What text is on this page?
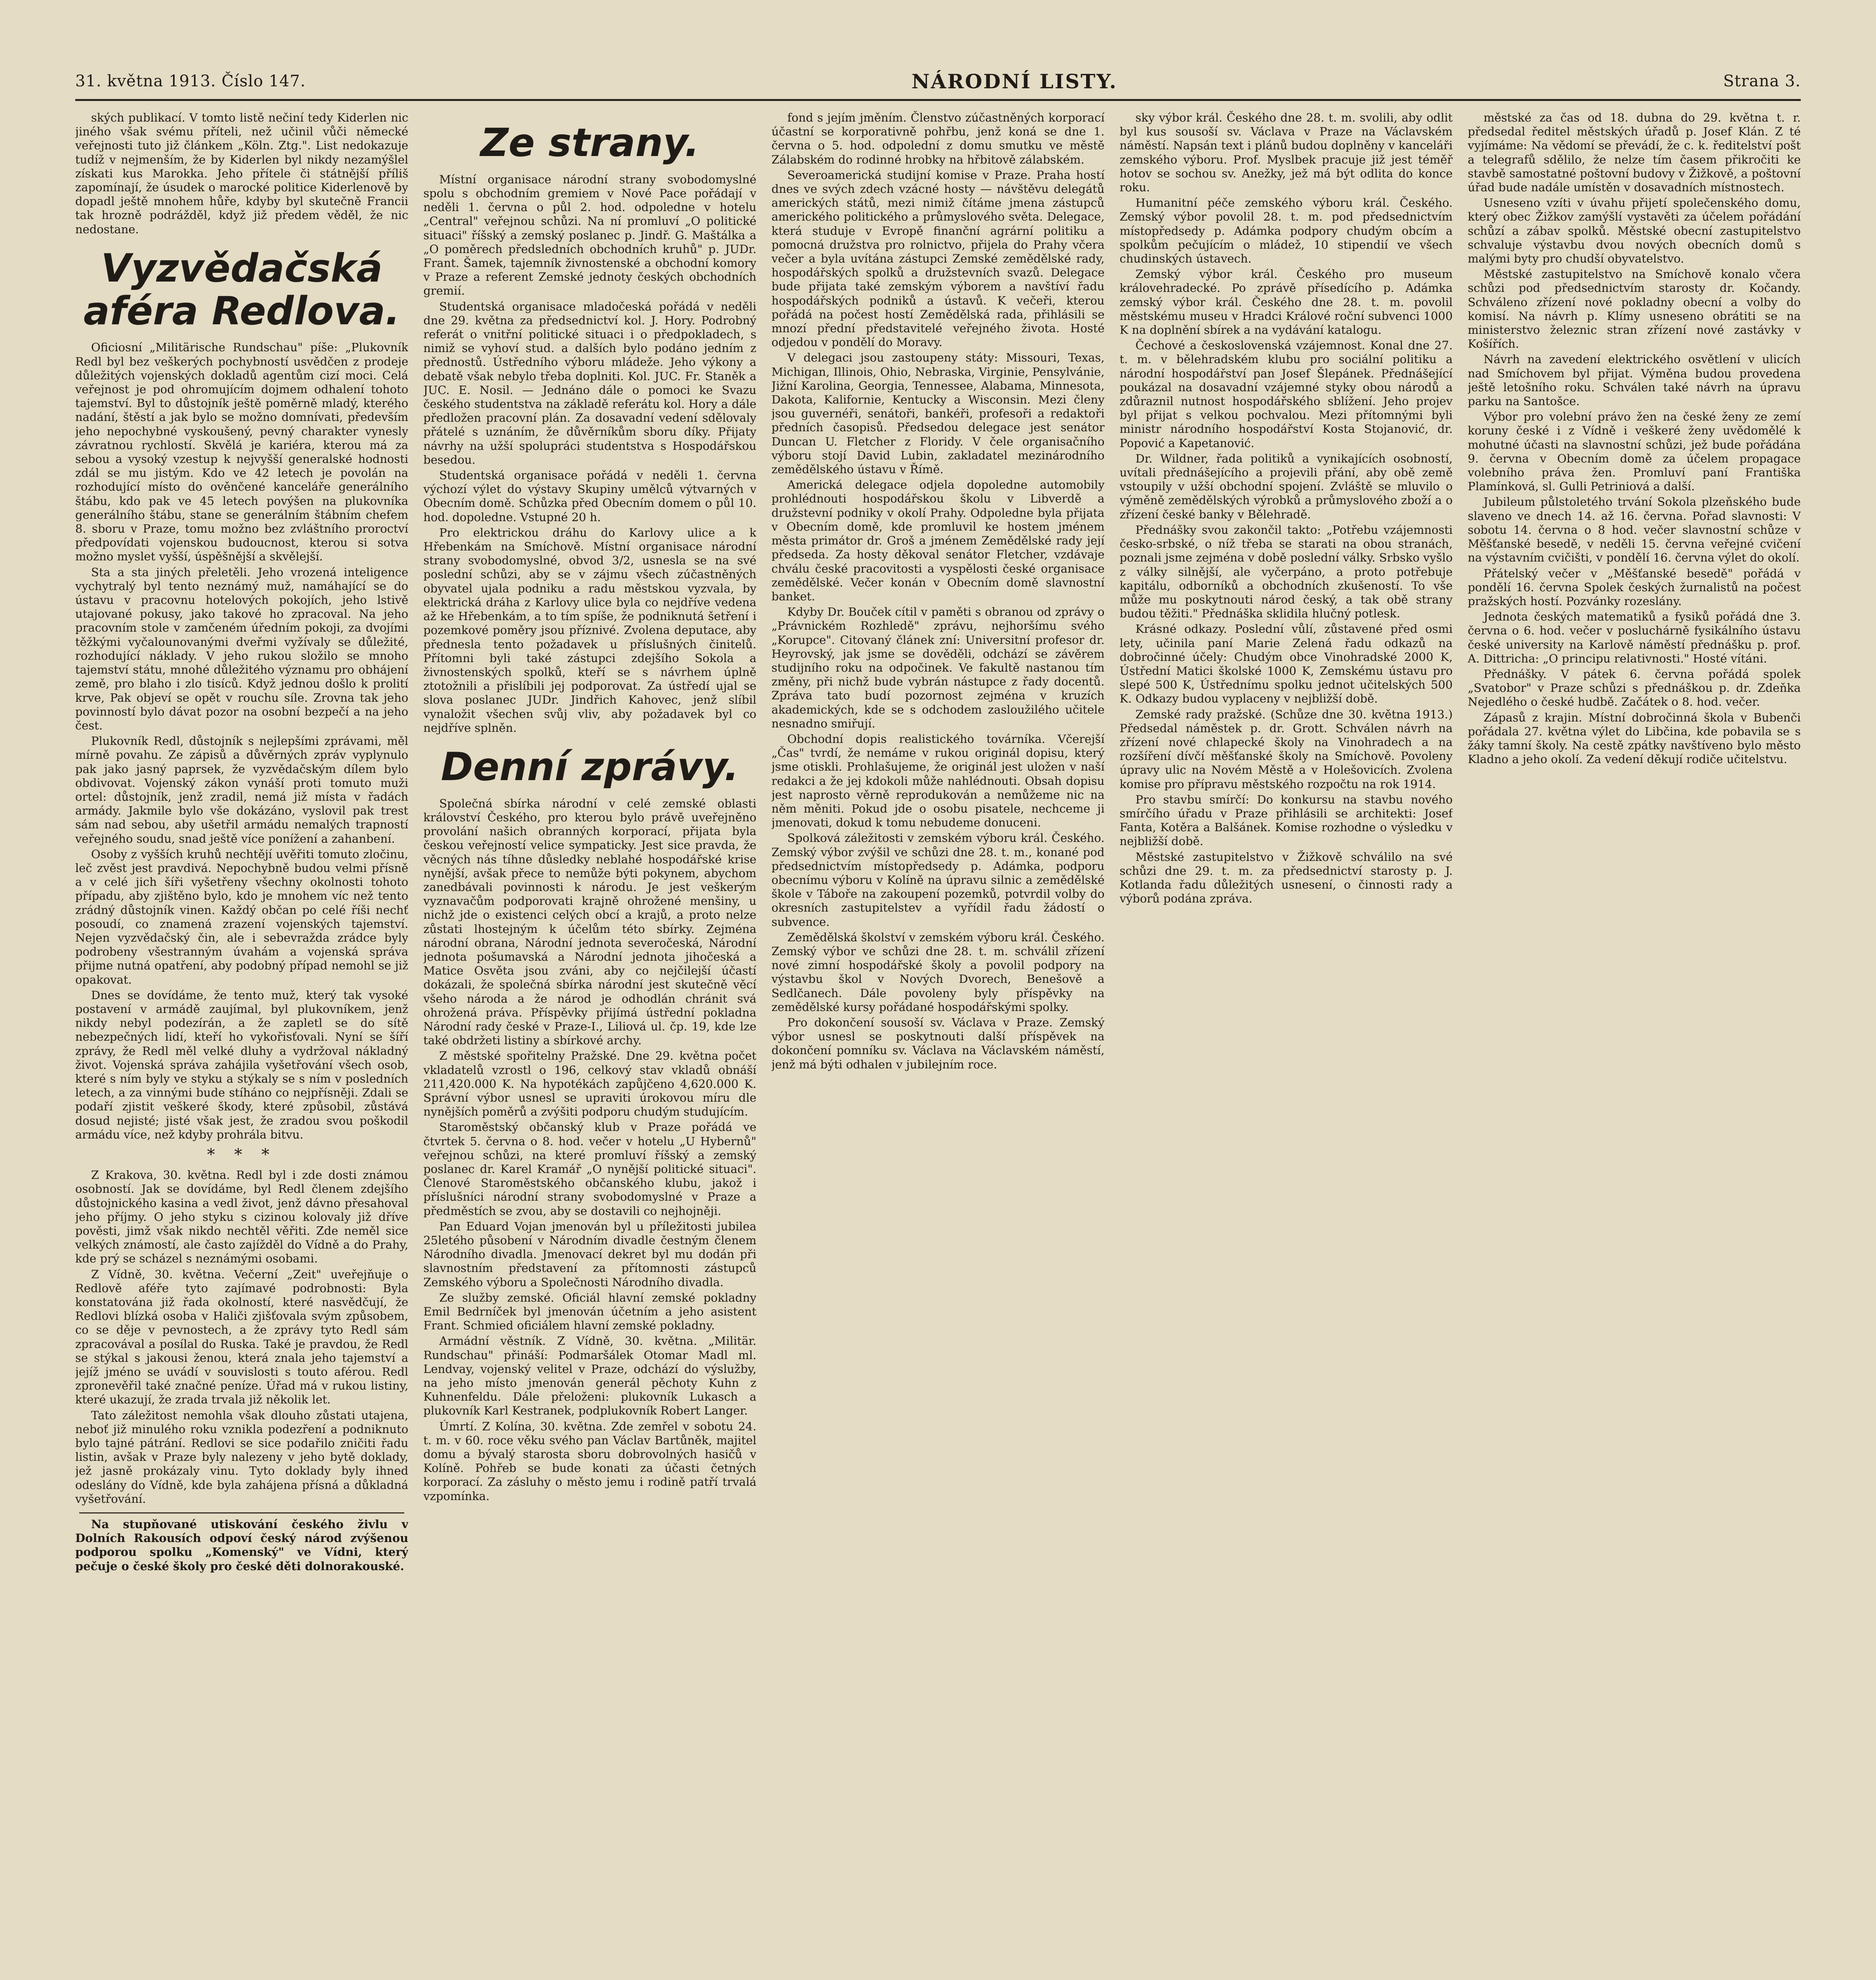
31. května 1913. Číslo 147.	NÁRODNÍ LISTY.	Strana 3.

ských publikací. V tomto listě nečiní tedy Kiderlen nic jiného však svému příteli, než učinil vůči německé veřejnosti tuto již článkem „Köln. Ztg.". List nedokazuje tudíž v nejmenším, že by Kiderlen byl nikdy nezamýšlel získati kus Marokka. Jeho přítele či státnější příliš zapomínají, že úsudek o marocké politice Kiderlenově by dopadl ještě mnohem hůře, kdyby byl skutečně Francii tak hrozně podrážděl, když již předem věděl, že nic nedostane.

Vyzvědačská aféra Redlova.

Oficiosní „Militärische Rundschau" píše: „Plukovník Redl byl bez veškerých pochybností usvědčen z prodeje důležitých vojenských dokladů agentům cizí moci. Celá veřejnost je pod ohromujícím dojmem odhalení tohoto tajemství. Byl to důstojník ještě poměrně mladý, kterého nadání, štěstí a jak bylo se možno domnívati, především jeho nepochybné vyskoušený, pevný charakter vynesly závratnou rychlostí. Skvělá je kariéra, kterou má za sebou a vysoký vzestup k nejvyšší generalské hodnosti zdál se mu jistým. Kdo ve 42 letech je povolán na rozhodující místo do ověnčené kanceláře generálního štábu, kdo pak ve 45 letech povýšen na plukovníka generálního štábu, stane se generálním štábním chefem 8. sboru v Praze, tomu možno bez zvláštního proroctví předpovídati vojenskou budoucnost, kterou si sotva možno myslet vyšší, úspěšnější a skvělejší.

Sta a sta jiných přeletěli. Jeho vrozená inteligence vychytralý byl tento neznámý muž, namáhající se do ústavu v pracovnu hotelových pokojích, jeho lstivě utajované pokusy, jako takové ho zpracoval. Na jeho pracovním stole v zamčeném úředním pokoji, za dvojími těžkými vyčalounovanými dveřmi vyžívaly se důležité, rozhodující náklady. V jeho rukou složilo se mnoho tajemství státu, mnohé důležitého významu pro obhájení země, pro blaho i zlo tisíců. Když jednou došlo k prolití krve, Pak objeví se opět v rouchu síle. Zrovna tak jeho povinností bylo dávat pozor na osobní bezpečí a na jeho čest.

Plukovník Redl, důstojník s nejlepšími zprávami, měl mírně povahu. Ze zápisů a důvěrných zpráv vyplynulo pak jako jasný paprsek, že vyzvědačským dílem bylo obdivovat. Vojenský zákon vynáší proti tomuto muži ortel: důstojník, jenž zradil, nemá již místa v řadách armády. Jakmile bylo vše dokázáno, vyslovil pak trest sám nad sebou, aby ušetřil armádu nemalých trapností veřejného soudu, snad ještě více ponížení a zahanbení.

Osoby z vyšších kruhů nechtějí uvěřiti tomuto zločinu, leč zvěst jest pravdivá. Nepochybně budou velmi přísně a v celé jich šíři vyšetřeny všechny okolnosti tohoto případu, aby zjištěno bylo, kdo je mnohem víc než tento zrádný důstojník vinen. Každý občan po celé říši nechť posoudí, co znamená zrazení vojenských tajemství. Nejen vyzvědačský čin, ale i sebevražda zrádce byly podrobeny všestranným úvahám a vojenská správa přijme nutná opatření, aby podobný případ nemohl se již opakovat.

Dnes se dovídáme, že tento muž, který tak vysoké postavení v armádě zaujímal, byl plukovníkem, jenž nikdy nebyl podezírán, a že zapletl se do sítě nebezpečných lidí, kteří ho vykořisťovali. Nyní se šíří zprávy, že Redl měl velké dluhy a vydržoval nákladný život. Vojenská správa zahájila vyšetřování všech osob, které s ním byly ve styku a stýkaly se s ním v posledních letech, a za vinnými bude stíháno co nejpřísněji. Zdali se podaří zjistit veškeré škody, které způsobil, zůstává dosud nejisté; jisté však jest, že zradou svou poškodil armádu více, než kdyby prohrála bitvu.

* * *

Z Krakova, 30. května. Redl byl i zde dosti známou osobností. Jak se dovídáme, byl Redl členem zdejšího důstojnického kasina a vedl život, jenž dávno přesahoval jeho příjmy. O jeho styku s cizinou kolovaly již dříve pověsti, jimž však nikdo nechtěl věřiti. Zde neměl sice velkých známostí, ale často zajížděl do Vídně a do Prahy, kde prý se scházel s neznámými osobami.

Z Vídně, 30. května. Večerní „Zeit" uveřejňuje o Redlově aféře tyto zajímavé podrobnosti: Byla konstatována již řada okolností, které nasvědčují, že Redlovi blízká osoba v Haliči zjišťovala svým způsobem, co se děje v pevnostech, a že zprávy tyto Redl sám zpracovával a posílal do Ruska. Také je pravdou, že Redl se stýkal s jakousi ženou, která znala jeho tajemství a jejíž jméno se uvádí v souvislosti s touto aférou. Redl zpronevěřil také značné peníze. Úřad má v rukou listiny, které ukazují, že zrada trvala již několik let.

Tato záležitost nemohla však dlouho zůstati utajena, neboť již minulého roku vznikla podezření a podniknuto bylo tajné pátrání. Redlovi se sice podařilo zničiti řadu listin, avšak v Praze byly nalezeny v jeho bytě doklady, jež jasně prokázaly vinu. Tyto doklady byly ihned odeslány do Vídně, kde byla zahájena přísná a důkladná vyšetřování.

Na stupňované utiskování českého živlu v Dolních Rakousích odpoví český národ zvýšenou podporou spolku „Komenský" ve Vídni, který pečuje o české školy pro české děti dolnorakouské.

Ze strany.

Místní organisace národní strany svobodomyslné spolu s obchodním gremiem v Nové Pace pořádají v neděli 1. června o půl 2. hod. odpoledne v hotelu „Central" veřejnou schůzi. Na ní promluví „O politické situaci" říšský a zemský poslanec p. Jindř. G. Maštálka a „O poměrech předsledních obchodních kruhů" p. JUDr. Frant. Šamek, tajemník živnostenské a obchodní komory v Praze a referent Zemské jednoty českých obchodních gremií.

Studentská organisace mladočeská pořádá v neděli dne 29. května za předsednictví kol. J. Hory. Podrobný referát o vnitřní politické situaci i o předpokladech, s nimiž se vyhoví stud. a dalších bylo podáno jedním z přednostů. Ústředního výboru mládeže. Jeho výkony a debatě však nebylo třeba doplniti. Kol. JUC. Fr. Staněk a JUC. E. Nosil. — Jednáno dále o pomoci ke Svazu českého studentstva na základě referátu kol. Hory a dále předložen pracovní plán. Za dosavadní vedení sdělovaly přátelé s uznáním, že důvěrníkům sboru díky. Přijaty návrhy na užší spolupráci studentstva s Hospodářskou besedou.

Studentská organisace pořádá v neděli 1. června výchozí výlet do výstavy Skupiny umělců výtvarných v Obecním domě. Schůzka před Obecním domem o půl 10. hod. dopoledne. Vstupné 20 h.

Pro elektrickou dráhu do Karlovy ulice a k Hřebenkám na Smíchově. Místní organisace národní strany svobodomyslné, obvod 3/2, usnesla se na své poslední schůzi, aby se v zájmu všech zúčastněných obyvatel ujala podniku a radu městskou vyzvala, by elektrická dráha z Karlovy ulice byla co nejdříve vedena až ke Hřebenkám, a to tím spíše, že podniknutá šetření i pozemkové poměry jsou příznivé. Zvolena deputace, aby přednesla tento požadavek u příslušných činitelů. Přítomni byli také zástupci zdejšího Sokola a živnostenských spolků, kteří se s návrhem úplně ztotožnili a přislíbili jej podporovat. Za ústředí ujal se slova poslanec JUDr. Jindřich Kahovec, jenž slíbil vynaložit všechen svůj vliv, aby požadavek byl co nejdříve splněn.

Denní zprávy.

Společná sbírka národní v celé zemské oblasti království Českého, pro kterou bylo právě uveřejněno provolání našich obranných korporací, přijata byla českou veřejností velice sympaticky. Jest sice pravda, že věcných nás tíhne důsledky neblahé hospodářské krise nynější, avšak přece to nemůže býti pokynem, abychom zanedbávali povinnosti k národu. Je jest veškerým vyznavačům podporovati krajně ohrožené menšiny, u nichž jde o existenci celých obcí a krajů, a proto nelze zůstati lhostejným k účelům této sbírky. Zejména národní obrana, Národní jednota severočeská, Národní jednota pošumavská a Národní jednota jihočeská a Matice Osvěta jsou zváni, aby co nejčilejší účastí dokázali, že společná sbírka národní jest skutečně věcí všeho národa a že národ je odhodlán chránit svá ohrožená práva. Příspěvky přijímá ústřední pokladna Národní rady české v Praze-I., Liliová ul. čp. 19, kde lze také obdržeti listiny a sbírkové archy.

Z městské spořitelny Pražské. Dne 29. května počet vkladatelů vzrostl o 196, celkový stav vkladů obnáší 211,420.000 K. Na hypotékách zapůjčeno 4,620.000 K. Správní výbor usnesl se upraviti úrokovou míru dle nynějších poměrů a zvýšiti podporu chudým studujícím.

Staroměstský občanský klub v Praze pořádá ve čtvrtek 5. června o 8. hod. večer v hotelu „U Hybernů" veřejnou schůzi, na které promluví říšský a zemský poslanec dr. Karel Kramář „O nynější politické situaci". Členové Staroměstského občanského klubu, jakož i příslušníci národní strany svobodomyslné v Praze a předměstích se zvou, aby se dostavili co nejhojněji.

Pan Eduard Vojan jmenován byl u příležitosti jubilea 25letého působení v Národním divadle čestným členem Národního divadla. Jmenovací dekret byl mu dodán při slavnostním představení za přítomnosti zástupců Zemského výboru a Společnosti Národního divadla.

Ze služby zemské. Oficiál hlavní zemské pokladny Emil Bedrníček byl jmenován účetním a jeho asistent Frant. Schmied oficiálem hlavní zemské pokladny.

Armádní věstník. Z Vídně, 30. května. „Militär. Rundschau" přináší: Podmaršálek Otomar Madl ml. Lendvay, vojenský velitel v Praze, odchází do výslužby, na jeho místo jmenován generál pěchoty Kuhn z Kuhnenfeldu. Dále přeloženi: plukovník Lukasch a plukovník Karl Kestranek, podplukovník Robert Langer.

Úmrtí. Z Kolína, 30. května. Zde zemřel v sobotu 24. t. m. v 60. roce věku svého pan Václav Bartůněk, majitel domu a bývalý starosta sboru dobrovolných hasičů v Kolíně. Pohřeb se bude konati za účasti četných korporací. Za zásluhy o město jemu i rodině patří trvalá vzpomínka.

fond s jejím jměním. Členstvo zúčastněných korporací účastní se korporativně pohřbu, jenž koná se dne 1. června o 5. hod. odpolední z domu smutku ve městě Zálabském do rodinné hrobky na hřbitově zálabském.

Severoamerická studijní komise v Praze. Praha hostí dnes ve svých zdech vzácné hosty — návštěvu delegátů amerických států, mezi nimiž čítáme jmena zástupců amerického politického a průmyslového světa. Delegace, která studuje v Evropě finanční agrární politiku a pomocná družstva pro rolnictvo, přijela do Prahy včera večer a byla uvítána zástupci Zemské zemědělské rady, hospodářských spolků a družstevních svazů. Delegace bude přijata také zemským výborem a navštíví řadu hospodářských podniků a ústavů. K večeři, kterou pořádá na počest hostí Zemědělská rada, přihlásili se mnozí přední představitelé veřejného života. Hosté odjedou v pondělí do Moravy.

V delegaci jsou zastoupeny státy: Missouri, Texas, Michigan, Illinois, Ohio, Nebraska, Virginie, Pensylvánie, Jižní Karolina, Georgia, Tennessee, Alabama, Minnesota, Dakota, Kalifornie, Kentucky a Wisconsin. Mezi členy jsou guvernéři, senátoři, bankéři, profesoři a redaktoři předních časopisů. Předsedou delegace jest senátor Duncan U. Fletcher z Floridy. V čele organisačního výboru stojí David Lubin, zakladatel mezinárodního zemědělského ústavu v Římě.

Americká delegace odjela dopoledne automobily prohlédnouti hospodářskou školu v Libverdě a družstevní podniky v okolí Prahy. Odpoledne byla přijata v Obecním domě, kde promluvil ke hostem jménem města primátor dr. Groš a jménem Zemědělské rady její předseda. Za hosty děkoval senátor Fletcher, vzdávaje chválu české pracovitosti a vyspělosti české organisace zemědělské. Večer konán v Obecním domě slavnostní banket.

Kdyby Dr. Bouček cítil v paměti s obranou od zprávy o „Právnickém Rozhledě" zprávu, nejhoršímu svého „Korupce". Citovaný článek zní: Universitní profesor dr. Heyrovský, jak jsme se dověděli, odchází se závěrem studijního roku na odpočinek. Ve fakultě nastanou tím změny, při nichž bude vybrán nástupce z řady docentů. Zpráva tato budí pozornost zejména v kruzích akademických, kde se s odchodem zasloužilého učitele nesnadno smiřují.

Obchodní dopis realistického továrníka. Včerejší „Čas" tvrdí, že nemáme v rukou originál dopisu, který jsme otiskli. Prohlašujeme, že originál jest uložen v naší redakci a že jej kdokoli může nahlédnouti. Obsah dopisu jest naprosto věrně reprodukován a nemůžeme nic na něm měniti. Pokud jde o osobu pisatele, nechceme ji jmenovati, dokud k tomu nebudeme donuceni.

Spolková záležitosti v zemském výboru král. Českého. Zemský výbor zvýšil ve schůzi dne 28. t. m., konané pod předsednictvím místopředsedy p. Adámka, podporu obecnímu výboru v Kolíně na úpravu silnic a zemědělské škole v Táboře na zakoupení pozemků, potvrdil volby do okresních zastupitelstev a vyřídil řadu žádostí o subvence.

Zemědělská školství v zemském výboru král. Českého. Zemský výbor ve schůzi dne 28. t. m. schválil zřízení nové zimní hospodářské školy a povolil podpory na výstavbu škol v Nových Dvorech, Benešově a Sedlčanech. Dále povoleny byly příspěvky na zemědělské kursy pořádané hospodářskými spolky.

Pro dokončení sousoší sv. Václava v Praze. Zemský výbor usnesl se poskytnouti další příspěvek na dokončení pomníku sv. Václava na Václavském náměstí, jenž má býti odhalen v jubilejním roce.

sky výbor král. Českého dne 28. t. m. svolili, aby odlit byl kus sousoší sv. Václava v Praze na Václavském náměstí. Napsán text i plánů budou doplněny v kanceláři zemského výboru. Prof. Myslbek pracuje již jest téměř hotov se sochou sv. Anežky, jež má být odlita do konce roku.

Humanitní péče zemského výboru král. Českého. Zemský výbor povolil 28. t. m. pod předsednictvím místopředsedy p. Adámka podpory chudým obcím a spolkům pečujícím o mládež, 10 stipendií ve všech chudinských ústavech.

Zemský výbor král. Českého pro museum královehradecké. Po zprávě přísedícího p. Adámka zemský výbor král. Českého dne 28. t. m. povolil městskému museu v Hradci Králové roční subvenci 1000 K na doplnění sbírek a na vydávání katalogu.

Čechové a československá vzájemnost. Konal dne 27. t. m. v bělehradském klubu pro sociální politiku a národní hospodářství pan Josef Šlepánek. Přednášející poukázal na dosavadní vzájemné styky obou národů a zdůraznil nutnost hospodářského sblížení. Jeho projev byl přijat s velkou pochvalou. Mezi přítomnými byli ministr národního hospodářství Kosta Stojanović, dr. Popović a Kapetanović.

Dr. Wildner, řada politiků a vynikajících osobností, uvítali přednášejícího a projevili přání, aby obě země vstoupily v užší obchodní spojení. Zvláště se mluvilo o výměně zemědělských výrobků a průmyslového zboží a o zřízení české banky v Bělehradě.

Přednášky svou zakončil takto: „Potřebu vzájemnosti česko-srbské, o níž třeba se starati na obou stranách, poznali jsme zejména v době poslední války. Srbsko vyšlo z války silnější, ale vyčerpáno, a proto potřebuje kapitálu, odborníků a obchodních zkušeností. To vše může mu poskytnouti národ český, a tak obě strany budou těžiti." Přednáška sklidila hlučný potlesk.

Krásné odkazy. Poslední vůlí, zůstavené před osmi lety, učinila paní Marie Zelená řadu odkazů na dobročinné účely: Chudým obce Vinohradské 2000 K, Ústřední Matici školské 1000 K, Zemskému ústavu pro slepé 500 K, Ústřednímu spolku jednot učitelských 500 K. Odkazy budou vyplaceny v nejbližší době.

Zemské rady pražské. (Schůze dne 30. května 1913.) Předsedal náměstek p. dr. Grott. Schválen návrh na zřízení nové chlapecké školy na Vinohradech a na rozšíření dívčí měšťanské školy na Smíchově. Povoleny úpravy ulic na Novém Městě a v Holešovicích. Zvolena komise pro přípravu městského rozpočtu na rok 1914.

Pro stavbu smírčí: Do konkursu na stavbu nového smírčího úřadu v Praze přihlásili se architekti: Josef Fanta, Kotěra a Balšánek. Komise rozhodne o výsledku v nejbližší době.

Městské zastupitelstvo v Žižkově schválilo na své schůzi dne 29. t. m. za předsednictví starosty p. J. Kotlanda řadu důležitých usnesení, o činnosti rady a výborů podána zpráva.

městské za čas od 18. dubna do 29. května t. r. předsedal ředitel městských úřadů p. Josef Klán. Z té vyjímáme: Na vědomí se převádí, že c. k. ředitelství pošt a telegrafů sdělilo, že nelze tím časem přikročiti ke stavbě samostatné poštovní budovy v Žižkově, a poštovní úřad bude nadále umístěn v dosavadních místnostech.

Usneseno vzíti v úvahu přijetí společenského domu, který obec Žižkov zamýšlí vystavěti za účelem pořádání schůzí a zábav spolků. Městské obecní zastupitelstvo schvaluje výstavbu dvou nových obecních domů s malými byty pro chudší obyvatelstvo.

Městské zastupitelstvo na Smíchově konalo včera schůzi pod předsednictvím starosty dr. Kočandy. Schváleno zřízení nové pokladny obecní a volby do komisí. Na návrh p. Klímy usneseno obrátiti se na ministerstvo železnic stran zřízení nové zastávky v Košířích.

Návrh na zavedení elektrického osvětlení v ulicích nad Smíchovem byl přijat. Výměna budou provedena ještě letošního roku. Schválen také návrh na úpravu parku na Santošce.

Výbor pro volební právo žen na české ženy ze zemí koruny české i z Vídně i veškeré ženy uvědomělé k mohutné účasti na slavnostní schůzi, jež bude pořádána 9. června v Obecním domě za účelem propagace volebního práva žen. Promluví paní Františka Plamínková, sl. Gulli Petriniová a další.

Jubileum půlstoletého trvání Sokola plzeňského bude slaveno ve dnech 14. až 16. června. Pořad slavnosti: V sobotu 14. června o 8 hod. večer slavnostní schůze v Měšťanské besedě, v neděli 15. června veřejné cvičení na výstavním cvičišti, v pondělí 16. června výlet do okolí.

Přátelský večer v „Měšťanské besedě" pořádá v pondělí 16. června Spolek českých žurnalistů na počest pražských hostí. Pozvánky rozeslány.

Jednota českých matematiků a fysiků pořádá dne 3. června o 6. hod. večer v posluchárně fysikálního ústavu české university na Karlově náměstí přednášku p. prof. A. Dittricha: „O principu relativnosti." Hosté vítáni.

Přednášky. V pátek 6. června pořádá spolek „Svatobor" v Praze schůzi s přednáškou p. dr. Zdeňka Nejedlého o české hudbě. Začátek o 8. hod. večer.

Zápasů z krajin. Místní dobročinná škola v Bubenči pořádala 27. května výlet do Libčina, kde pobavila se s žáky tamní školy. Na cestě zpátky navštíveno bylo město Kladno a jeho okolí. Za vedení děkují rodiče učitelstvu.
